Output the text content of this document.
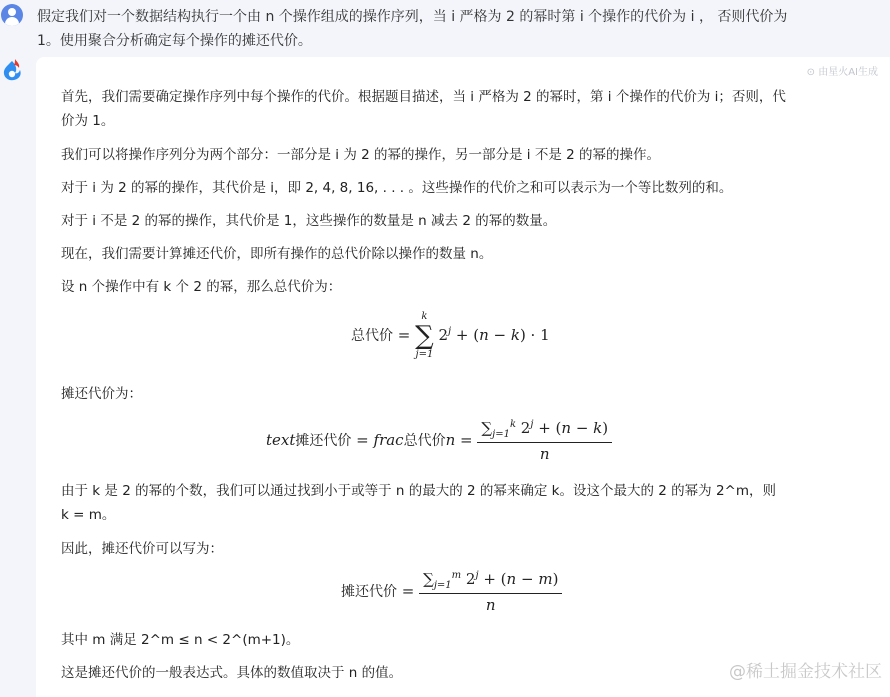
假定我们对一个数据结构执行一个由 n 个操作组成的操作序列，当 i 严格为 2 的幂时第 i 个操作的代价为 i ， 否则代价为
1。使用聚合分析确定每个操作的摊还代价。
⊙ 由星火AI生成
首先，我们需要确定操作序列中每个操作的代价。根据题目描述，当 i 严格为 2 的幂时，第 i 个操作的代价为 i；否则，代
价为 1。
我们可以将操作序列分为两个部分：一部分是 i 为 2 的幂的操作，另一部分是 i 不是 2 的幂的操作。
对于 i 为 2 的幂的操作，其代价是 i，即 2, 4, 8, 16, . . . 。这些操作的代价之和可以表示为一个等比数列的和。
对于 i 不是 2 的幂的操作，其代价是 1，这些操作的数量是 n 减去 2 的幂的数量。
现在，我们需要计算摊还代价，即所有操作的总代价除以操作的数量 n。
设 n 个操作中有 k 个 2 的幂，那么总代价为：
总代价 =
k
∑
j=1
$2^j + (n - k) \cdot 1$
摊还代价为：
text摊还代价 = frac总代价$n = \frac{\sum_{j=1}^k 2^j + (n - k)}{n}$
由于 k 是 2 的幂的个数，我们可以通过找到小于或等于 n 的最大的 2 的幂来确定 k。设这个最大的 2 的幂为 2^m，则
k = m。
因此，摊还代价可以写为：
摊还代价 = $\frac{\sum_{j=1}^m 2^j + (n - m)}{n}$
其中 m 满足 2^m ≤ n < 2^(m+1)。
这是摊还代价的一般表达式。具体的数值取决于 n 的值。	@稀土掘金技术社区
